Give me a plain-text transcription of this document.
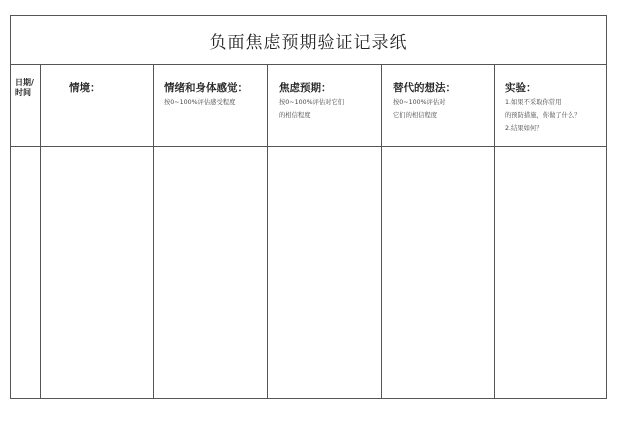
负面焦虑预期验证记录纸
日期/
时间	情境：	情绪和身体感觉：
按0~100%评估感受程度
焦虑预期：
按0~100%评估对它们
的相信程度
替代的想法：
按0~100%评估对
它们的相信程度
实验：
1.如果不采取你常用
的预防措施，你做了什么？
2.结果如何？
